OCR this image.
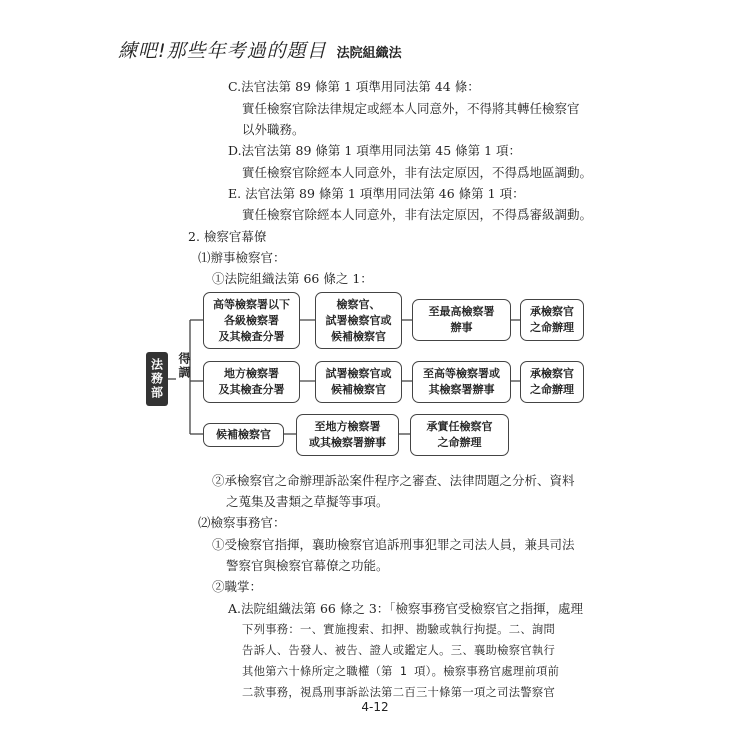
練吧!那些年考過的題目 法院組織法
C.法官法第 89 條第 1 項準用同法第 44 條：
實任檢察官除法律規定或經本人同意外，不得將其轉任檢察官
以外職務。
D.法官法第 89 條第 1 項準用同法第 45 條第 1 項：
實任檢察官除經本人同意外，非有法定原因，不得爲地區調動。
E. 法官法第 89 條第 1 項準用同法第 46 條第 1 項：
實任檢察官除經本人同意外，非有法定原因，不得爲審級調動。
2. 檢察官幕僚
⑴辦事檢察官：
①法院組織法第 66 條之 1：
法務部	得調
高等檢察署以下
各級檢察署
及其檢查分署
檢察官、
試署檢察官或
候補檢察官
至最高檢察署
辦事
承檢察官
之命辦理
地方檢察署
及其檢查分署
試署檢察官或
候補檢察官
至高等檢察署或
其檢察署辦事
承檢察官
之命辦理
候補檢察官
至地方檢察署
或其檢察署辦事
承實任檢察官
之命辦理
②承檢察官之命辦理訴訟案件程序之審查、法律問題之分析、資料
之蒐集及書類之草擬等事項。
⑵檢察事務官：
①受檢察官指揮，襄助檢察官追訴刑事犯罪之司法人員，兼具司法
警察官與檢察官幕僚之功能。
②職掌：
A.法院組織法第 66 條之 3：「檢察事務官受檢察官之指揮，處理
下列事務：一、實施搜索、扣押、勘驗或執行拘提。二、詢問
告訴人、告發人、被告、證人或鑑定人。三、襄助檢察官執行
其他第六十條所定之職權（第 1 項）。檢察事務官處理前項前
二款事務，視爲刑事訴訟法第二百三十條第一項之司法警察官
4-12
